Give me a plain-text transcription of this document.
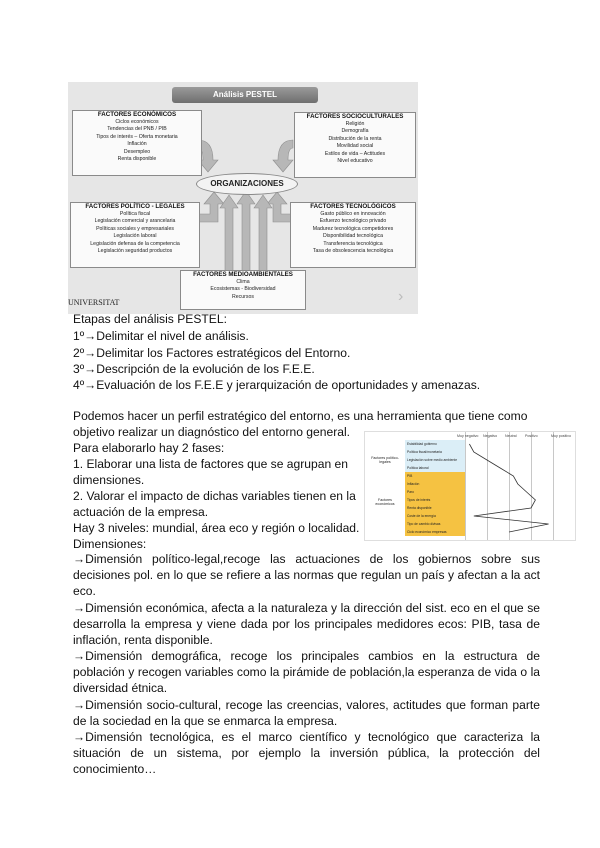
Análisis PESTEL
FACTORES ECONÓMICOS
Ciclos económicos
Tendencias del PNB / PIB
Tipos de interés – Oferta monetaria
Inflación
Desempleo
Renta disponible
FACTORES SOCIOCULTURALES
Religión
Demografía
Distribución de la renta
Movilidad social
Estilos de vida – Actitudes
Nivel educativo
ORGANIZACIONES
FACTORES POLÍTICO - LEGALES
Política fiscal
Legislación comercial y arancelaria
Políticas sociales y empresariales
Legislación laboral
Legislación defensa de la competencia
Legislación seguridad productos
FACTORES TECNOLÓGICOS
Gasto público en innovación
Esfuerzo tecnológico privado
Madurez tecnológica competidores
Disponibilidad tecnológica
Transferencia tecnológica
Tasa de obsolescencia tecnológica
FACTORES MEDIOAMBIENTALES
Clima
Ecosistemas - Biodiversidad
Recursos
UNIVERSITAT	›
Etapas del análisis PESTEL:
1º→Delimitar el nivel de análisis.
2º→Delimitar los Factores estratégicos del Entorno.
3º→Descripción de la evolución de los F.E.E.
4º→Evaluación de los F.E.E y jerarquización de oportunidades y amenazas.
Podemos hacer un perfil estratégico del entorno, es una herramienta que tiene como
objetivo realizar un diagnóstico del entorno general.
Para elaborarlo hay 2 fases:
1. Elaborar una lista de factores que se agrupan en
dimensiones.
2. Valorar el impacto de dichas variables tienen en la
actuación de la empresa.
Hay 3 niveles: mundial, área eco y región o localidad.
Dimensiones:
→Dimensión político-legal,recoge las actuaciones de los gobiernos sobre sus decisiones pol. en lo que se refiere a las normas que regulan un país y afectan a la act eco.
→Dimensión económica, afecta a la naturaleza y la dirección del sist. eco en el que se desarrolla la empresa y viene dada por los principales medidores ecos: PIB, tasa de inflación, renta disponible.
→Dimensión demográfica, recoge los principales cambios en la estructura de población y recogen variables como la pirámide de población,la esperanza de vida o la diversidad étnica.
→Dimensión socio-cultural, recoge las creencias, valores, actitudes que forman parte de la sociedad en la que se enmarca la empresa.
→Dimensión tecnológica, es el marco científico y tecnológico que caracteriza la situación de un sistema, por ejemplo la inversión pública, la protección del conocimiento…
Muy negativo Negativo Neutral Positivo	Muy positivo
Factores político-legales
Factores económicos
Estabilidad gobierno
Política fiscal/monetaria
Legislación sobre medio ambiente
Política laboral
PIB
Inflación
Paro
Tipos de interés
Renta disponible
Coste de la energía
Tipo de cambio divisas
Ciclo económico empresas
